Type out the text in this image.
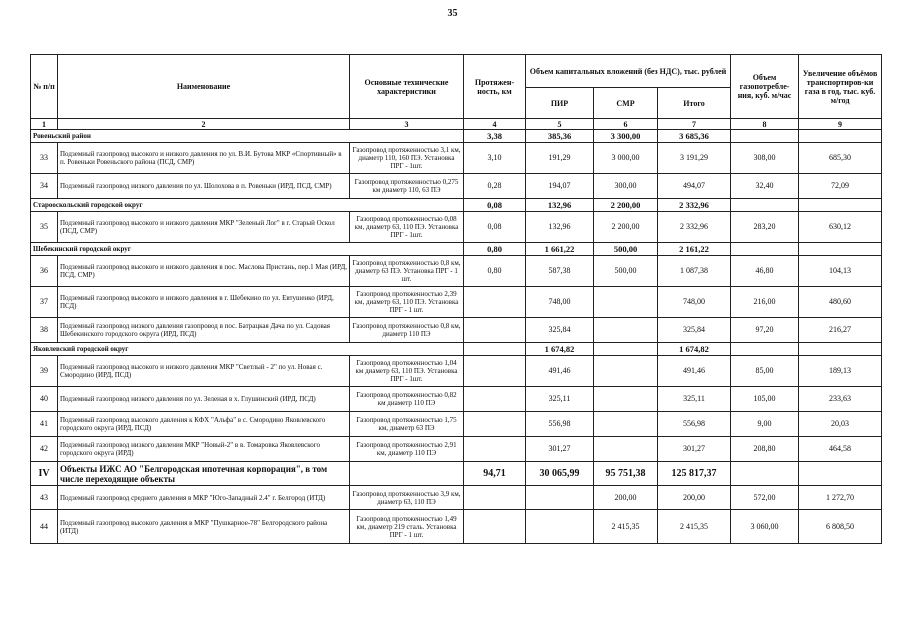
35
№ п/п	Наименование	Основные технические характеристики	Протяжен-ность, км	Объем капитальных вложений (без НДС), тыс. рублей			Объем газопотребле-ния, куб. м/час	Увеличение объёмов транспортиров-ки газа в год, тыс. куб. м/год
				ПИР	СМР	Итого		
1	2	3	4	5	6	7	8	9
Ровеньский район			3,38	385,36	3 300,00	3 685,36		
33	Подземный газопровод высокого и низкого давления по ул. В.И. Бутова МКР «Спортивный» в п. Ровеньки Ровеньского района (ПСД, СМР)	Газопровод протяженностью 3,1 км, диаметр 110, 160 ПЭ. Установка ПРГ - 1шт.	3,10	191,29	3 000,00	3 191,29	308,00	685,30
34	Подземный газопровод низкого давления по ул. Шолохова в п. Ровеньки (ИРД, ПСД, СМР)	Газопровод протяженностью 0,275 км диаметр 110, 63 ПЭ	0,28	194,07	300,00	494,07	32,40	72,09
Старооскольский городской округ			0,08	132,96	2 200,00	2 332,96		
35	Подземный газопровод высокого и низкого давления МКР "Зеленый Лог" в г. Старый Оскол (ПСД, СМР)	Газопровод протяженностью 0,08 км, диаметр 63, 110 ПЭ. Установка ПРГ - 1шт.	0,08	132,96	2 200,00	2 332,96	283,20	630,12
Шебекинский городской округ			0,80	1 661,22	500,00	2 161,22		
36	Подземный газопровод высокого и низкого давления в пос. Маслова Пристань, пер.1 Мая (ИРД, ПСД, СМР)	Газопровод протяженностью 0,8 км, диаметр 63 ПЭ. Установка ПРГ - 1 шт.	0,80	587,38	500,00	1 087,38	46,80	104,13
37	Подземный газопровод высокого и низкого давления в г. Шебекино по ул. Евтушенко (ИРД, ПСД)	Газопровод протяженностью 2,39 км, диаметр 63, 110 ПЭ. Установка ПРГ - 1 шт.		748,00		748,00	216,00	480,60
38	Подземный газопровод низкого давления газопровод в пос. Батрацкая Дача по ул. Садовая Шебекинского городского округа (ИРД, ПСД)	Газопровод протяженностью 0,8 км, диаметр 110 ПЭ		325,84		325,84	97,20	216,27
Яковлевский городской округ				1 674,82		1 674,82		
39	Подземный газопровод высокого и низкого давления МКР "Светлый - 2" по ул. Новая с. Смородино (ИРД, ПСД)	Газопровод протяженностью 1,04 км диаметр 63, 110 ПЭ. Установка ПРГ - 1шт.		491,46		491,46	85,00	189,13
40	Подземный газопровод низкого давления по ул. Зеленая в х. Глушинский (ИРД, ПСД)	Газопровод протяженностью 0,82 км диаметр 110 ПЭ		325,11		325,11	105,00	233,63
41	Подземный газопровод высокого давления к КФХ "Альфа" в с. Смородино Яковлевского городского округа (ИРД, ПСД)	Газопровод протяженностью 1,75 км, диаметр 63 ПЭ		556,98		556,98	9,00	20,03
42	Подземный газопровод низкого давления МКР "Новый-2" в в. Томаровка Яковлевского городского округа (ИРД)	Газопровод протяженностью 2,91 км, диаметр 110 ПЭ		301,27		301,27	208,80	464,58
IV	Объекты ИЖС АО "Белгородская ипотечная корпорация", в том числе переходящие объекты		94,71	30 065,99	95 751,38	125 817,37		
43	Подземный газопровод среднего давления в МКР "Юго-Западный 2.4" г. Белгород (ИТД)	Газопровод протяженностью 3,9 км, диаметр 63, 110 ПЭ			200,00	200,00	572,00	1 272,70
44	Подземный газопровод высокого давления в МКР "Пушкарное-78" Белгородского района (ИТД)	Газопровод протяженностью 1,49 км, диаметр 219 сталь. Установка ПРГ - 1 шт.			2 415,35	2 415,35	3 060,00	6 808,50
